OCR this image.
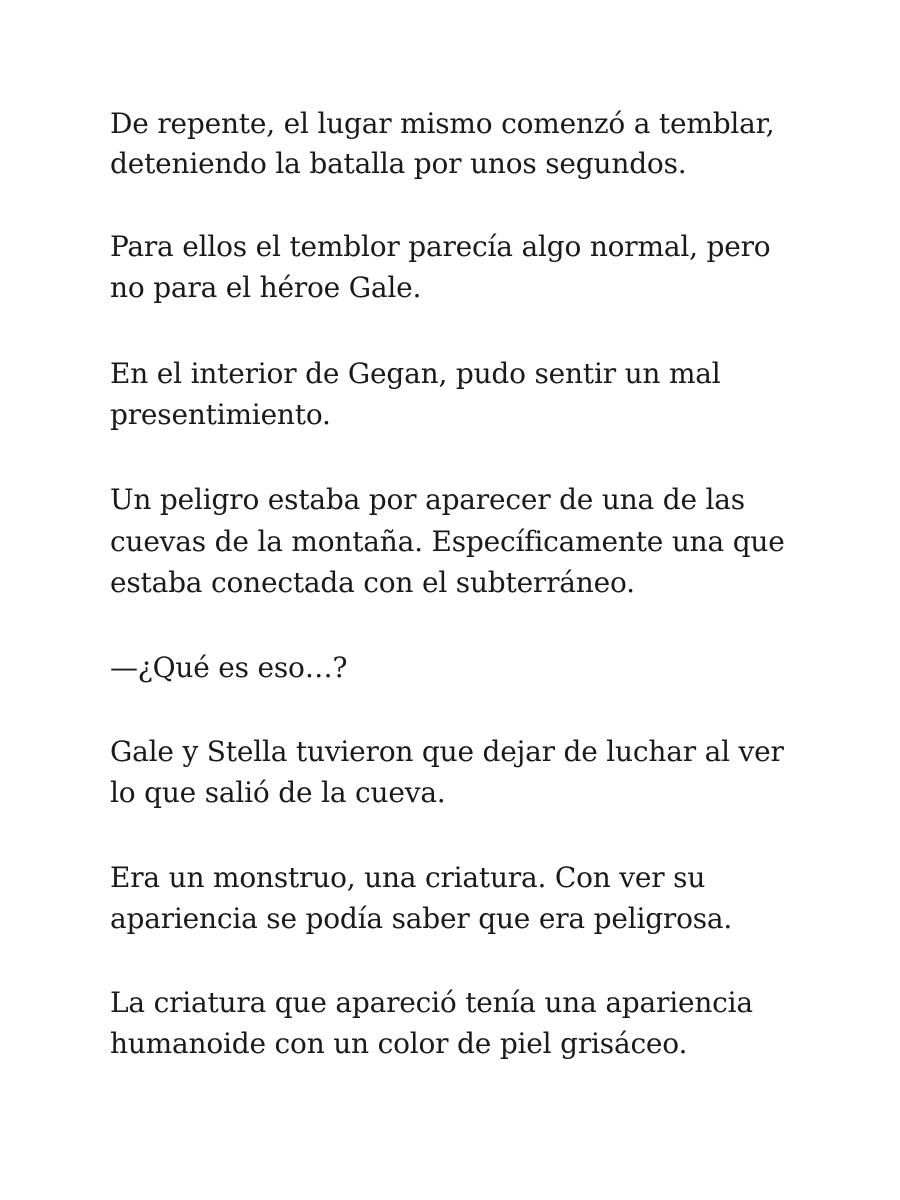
De repente, el lugar mismo comenzó a temblar,

deteniendo la batalla por unos segundos.

Para ellos el temblor parecía algo normal, pero

no para el héroe Gale.

En el interior de Gegan, pudo sentir un mal

presentimiento.

Un peligro estaba por aparecer de una de las

cuevas de la montaña. Específicamente una que

estaba conectada con el subterráneo.

—¿Qué es eso…?

Gale y Stella tuvieron que dejar de luchar al ver

lo que salió de la cueva.

Era un monstruo, una criatura. Con ver su

apariencia se podía saber que era peligrosa.

La criatura que apareció tenía una apariencia

humanoide con un color de piel grisáceo.
